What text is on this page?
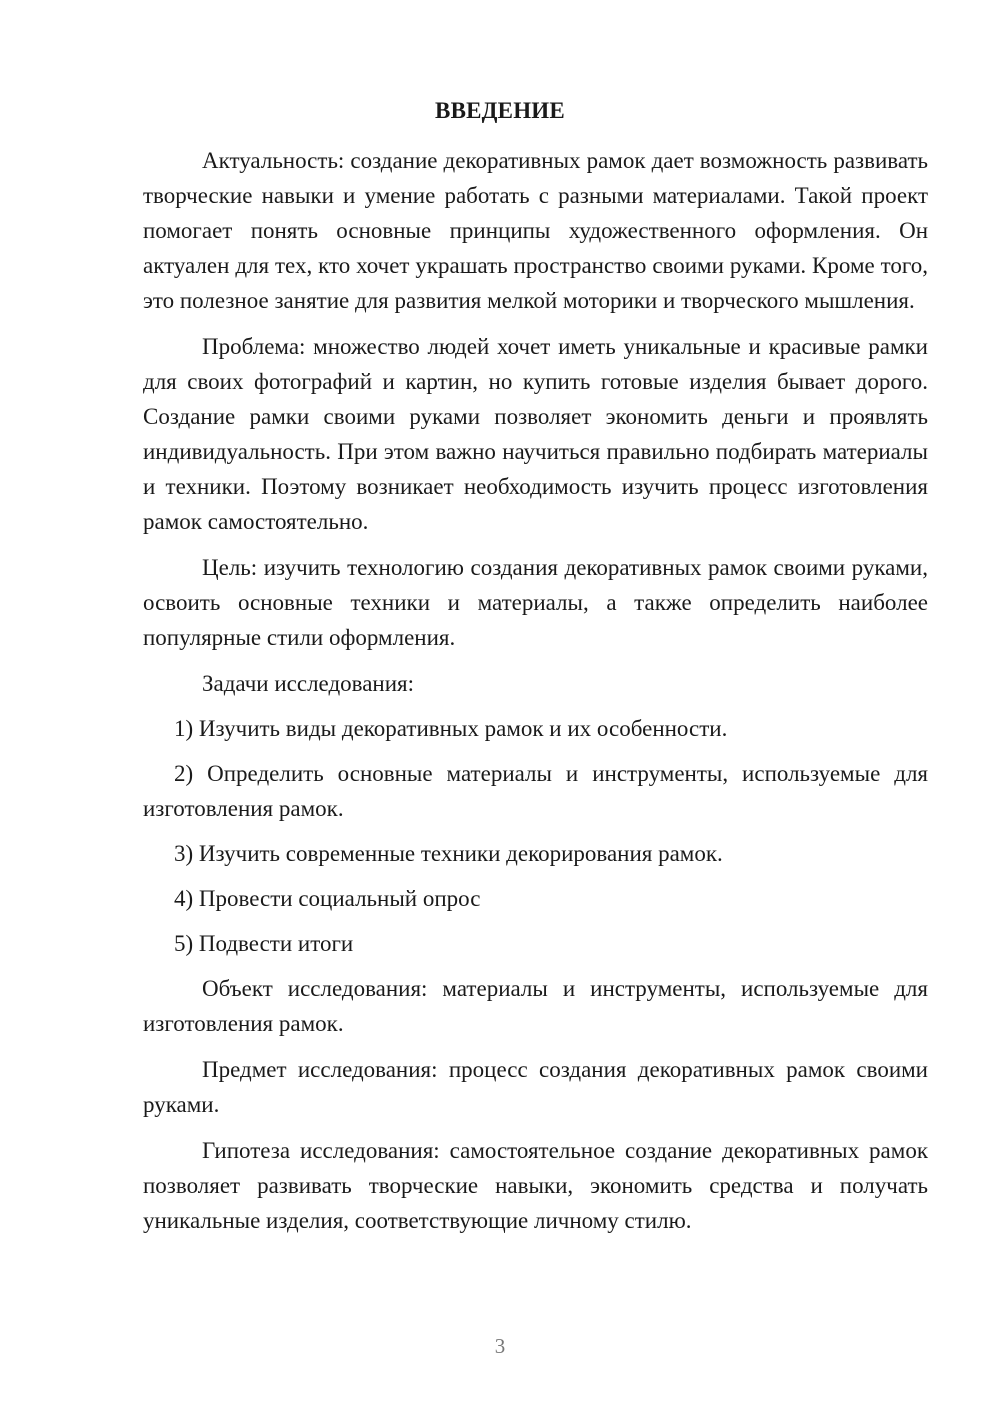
ВВЕДЕНИЕ

Актуальность: создание декоративных рамок дает возможность развивать творческие навыки и умение работать с разными материалами. Такой проект помогает понять основные принципы художественного оформления. Он актуален для тех, кто хочет украшать пространство своими руками. Кроме того, это полезное занятие для развития мелкой моторики и творческого мышления.

Проблема: множество людей хочет иметь уникальные и красивые рамки для своих фотографий и картин, но купить готовые изделия бывает дорого. Создание рамки своими руками позволяет экономить деньги и проявлять индивидуальность. При этом важно научиться правильно подбирать материалы и техники. Поэтому возникает необходимость изучить процесс изготовления рамок самостоятельно.

Цель: изучить технологию создания декоративных рамок своими руками, освоить основные техники и материалы, а также определить наиболее популярные стили оформления.

Задачи исследования:

1) Изучить виды декоративных рамок и их особенности.

2) Определить основные материалы и инструменты, используемые для изготовления рамок.

3) Изучить современные техники декорирования рамок.

4) Провести социальный опрос

5) Подвести итоги

Объект исследования: материалы и инструменты, используемые для изготовления рамок.

Предмет исследования: процесс создания декоративных рамок своими руками.

Гипотеза исследования: самостоятельное создание декоративных рамок позволяет развивать творческие навыки, экономить средства и получать уникальные изделия, соответствующие личному стилю.

3
